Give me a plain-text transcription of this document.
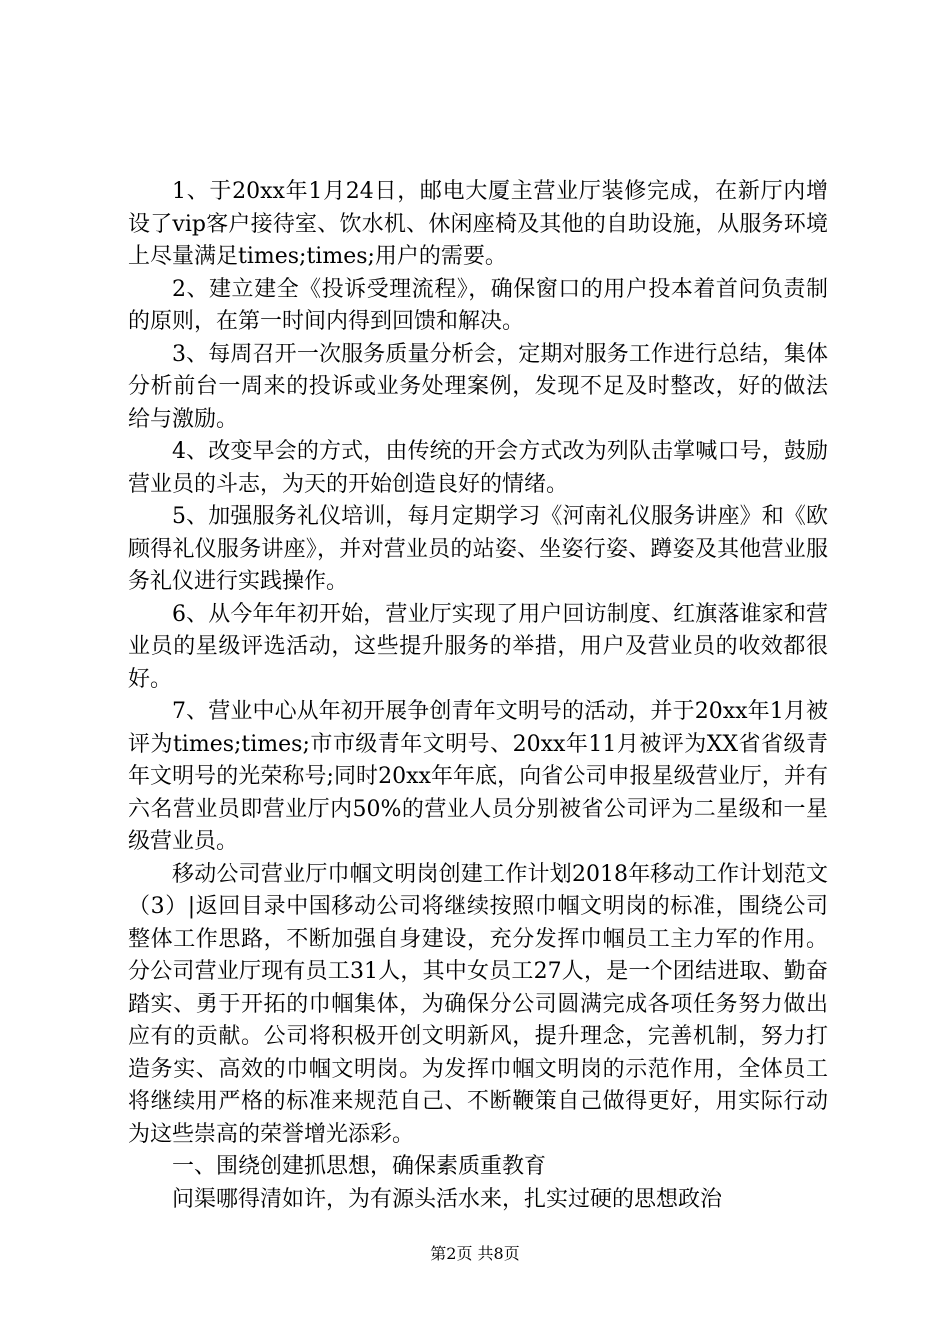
1、于20xx年1月24日，邮电大厦主营业厅装修完成，在新厅内增设了vip客户接待室、饮水机、休闲座椅及其他的自助设施，从服务环境上尽量满足times;times;用户的需要。

2、建立建全《投诉受理流程》，确保窗口的用户投本着首问负责制的原则，在第一时间内得到回馈和解决。

3、每周召开一次服务质量分析会，定期对服务工作进行总结，集体分析前台一周来的投诉或业务处理案例，发现不足及时整改，好的做法给与激励。

4、改变早会的方式，由传统的开会方式改为列队击掌喊口号，鼓励营业员的斗志，为天的开始创造良好的情绪。

5、加强服务礼仪培训，每月定期学习《河南礼仪服务讲座》和《欧顾得礼仪服务讲座》，并对营业员的站姿、坐姿行姿、蹲姿及其他营业服务礼仪进行实践操作。

6、从今年年初开始，营业厅实现了用户回访制度、红旗落谁家和营业员的星级评选活动，这些提升服务的举措，用户及营业员的收效都很好。

7、营业中心从年初开展争创青年文明号的活动，并于20xx年1月被评为times;times;市市级青年文明号、20xx年11月被评为XX省省级青年文明号的光荣称号;同时20xx年年底，向省公司申报星级营业厅，并有六名营业员即营业厅内50%的营业人员分别被省公司评为二星级和一星级营业员。

移动公司营业厅巾帼文明岗创建工作计划2018年移动工作计划范文（3）|返回目录中国移动公司将继续按照巾帼文明岗的标准，围绕公司整体工作思路，不断加强自身建设，充分发挥巾帼员工主力军的作用。分公司营业厅现有员工31人，其中女员工27人，是一个团结进取、勤奋踏实、勇于开拓的巾帼集体，为确保分公司圆满完成各项任务努力做出应有的贡献。公司将积极开创文明新风，提升理念，完善机制，努力打造务实、高效的巾帼文明岗。为发挥巾帼文明岗的示范作用，全体员工将继续用严格的标准来规范自己、不断鞭策自己做得更好，用实际行动为这些崇高的荣誉增光添彩。

一、围绕创建抓思想，确保素质重教育

问渠哪得清如许，为有源头活水来，扎实过硬的思想政治

第2页 共8页
